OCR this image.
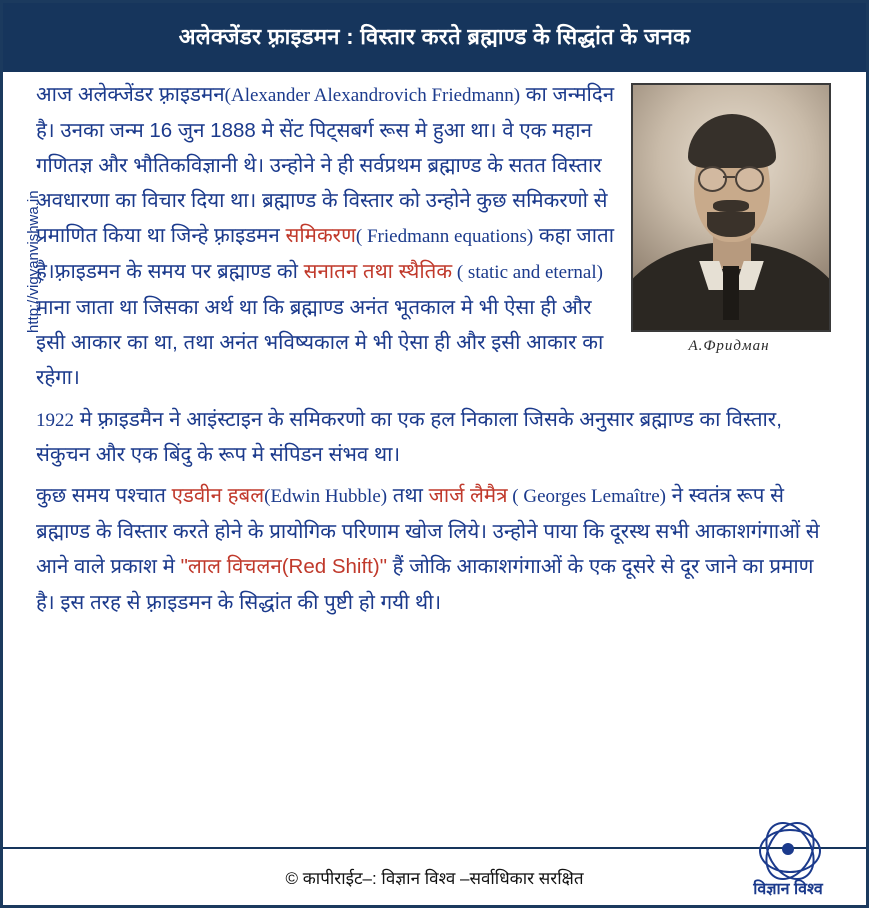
अलेक्जेंडर फ़्राइडमन : विस्तार करते ब्रह्माण्ड के सिद्धांत के जनक
http://vigyanvishwa.in
А.Фридман

आज अलेक्जेंडर फ़्राइडमन(Alexander Alexandrovich Friedmann) का जन्मदिन है। उनका जन्म 16 जुन 1888 मे सेंट पिट्सबर्ग रूस मे हुआ था। वे एक महान गणितज्ञ और भौतिकविज्ञानी थे। उन्होने ने ही सर्वप्रथम ब्रह्माण्ड के सतत विस्तार अवधारणा का विचार दिया था। ब्रह्माण्ड के विस्तार को उन्होने कुछ समिकरणो से प्रमाणित किया था जिन्हे फ़्राइडमन समिकरण( Friedmann equations) कहा जाता है।फ़्राइडमन के समय पर ब्रह्माण्ड को सनातन तथा स्थैतिक ( static and eternal) माना जाता था जिसका अर्थ था कि ब्रह्माण्ड अनंत भूतकाल मे भी ऐसा ही और इसी आकार का था, तथा अनंत भविष्यकाल मे भी ऐसा ही और इसी आकार का रहेगा।

1922 मे फ़्राइडमैन ने आइंस्टाइन के समिकरणो का एक हल निकाला जिसके अनुसार ब्रह्माण्ड का विस्तार, संकुचन और एक बिंदु के रूप मे संपिडन संभव था।

कुछ समय पश्चात एडवीन हबल(Edwin Hubble) तथा जार्ज लैमैत्र ( Georges Lemaître) ने स्वतंत्र रूप से ब्रह्माण्ड के विस्तार करते होने के प्रायोगिक परिणाम खोज लिये। उन्होने पाया कि दूरस्थ सभी आकाशगंगाओं से आने वाले प्रकाश मे "लाल विचलन(Red Shift)" हैं जोकि आकाशगंगाओं के एक दूसरे से दूर जाने का प्रमाण है। इस तरह से फ़्राइडमन के सिद्धांत की पुष्टी हो गयी थी।

© कापीराईट–: विज्ञान विश्व –सर्वाधिकार सरक्षित
विज्ञान विश्व
